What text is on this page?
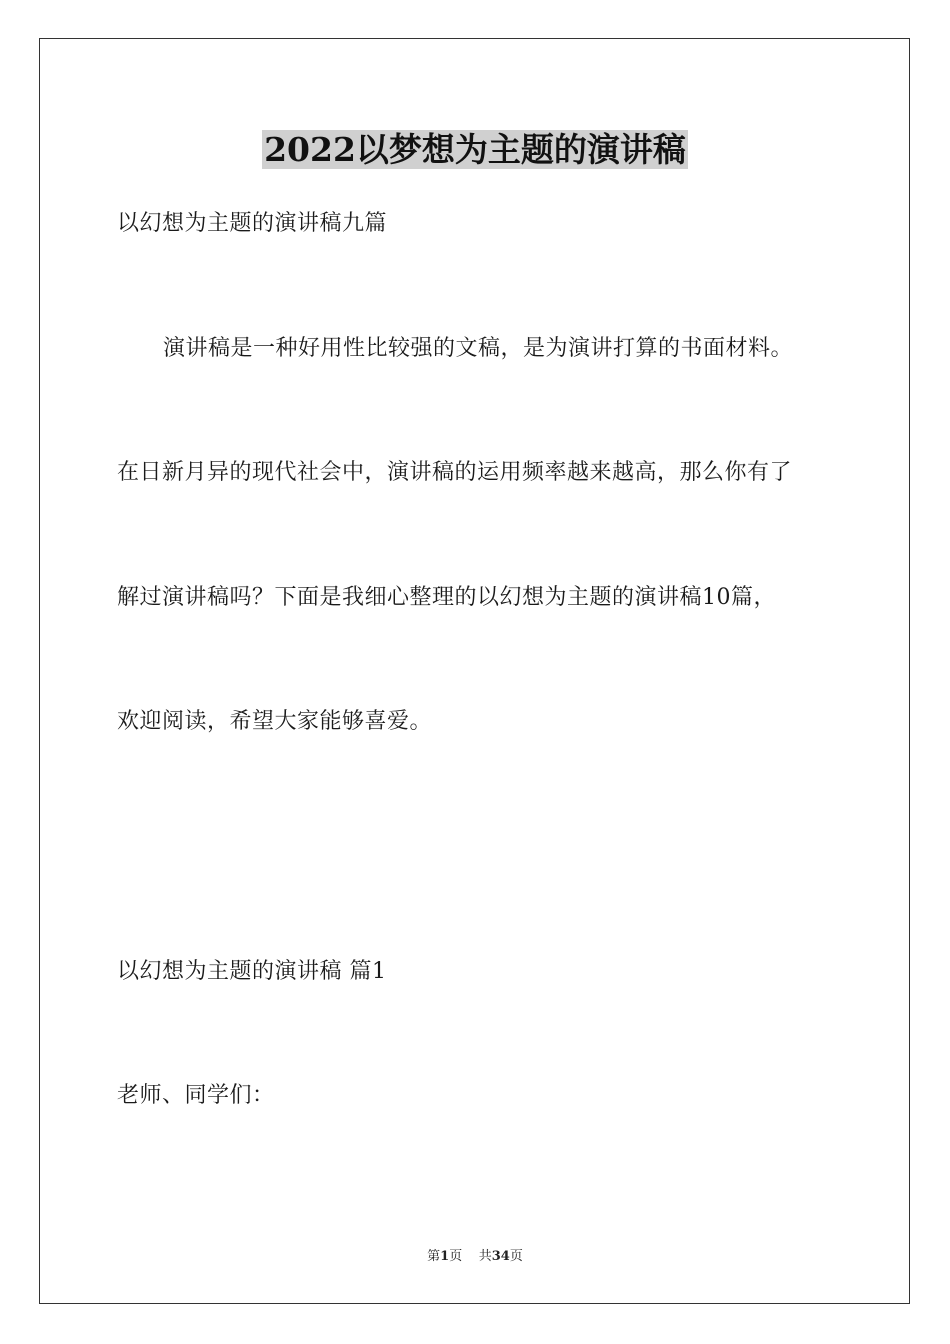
2022以梦想为主题的演讲稿
以幻想为主题的演讲稿九篇
演讲稿是一种好用性比较强的文稿，是为演讲打算的书面材料。
在日新月异的现代社会中，演讲稿的运用频率越来越高，那么你有了
解过演讲稿吗？下面是我细心整理的以幻想为主题的演讲稿10篇，
欢迎阅读，希望大家能够喜爱。
以幻想为主题的演讲稿 篇1
老师、同学们：
第1页 共34页
